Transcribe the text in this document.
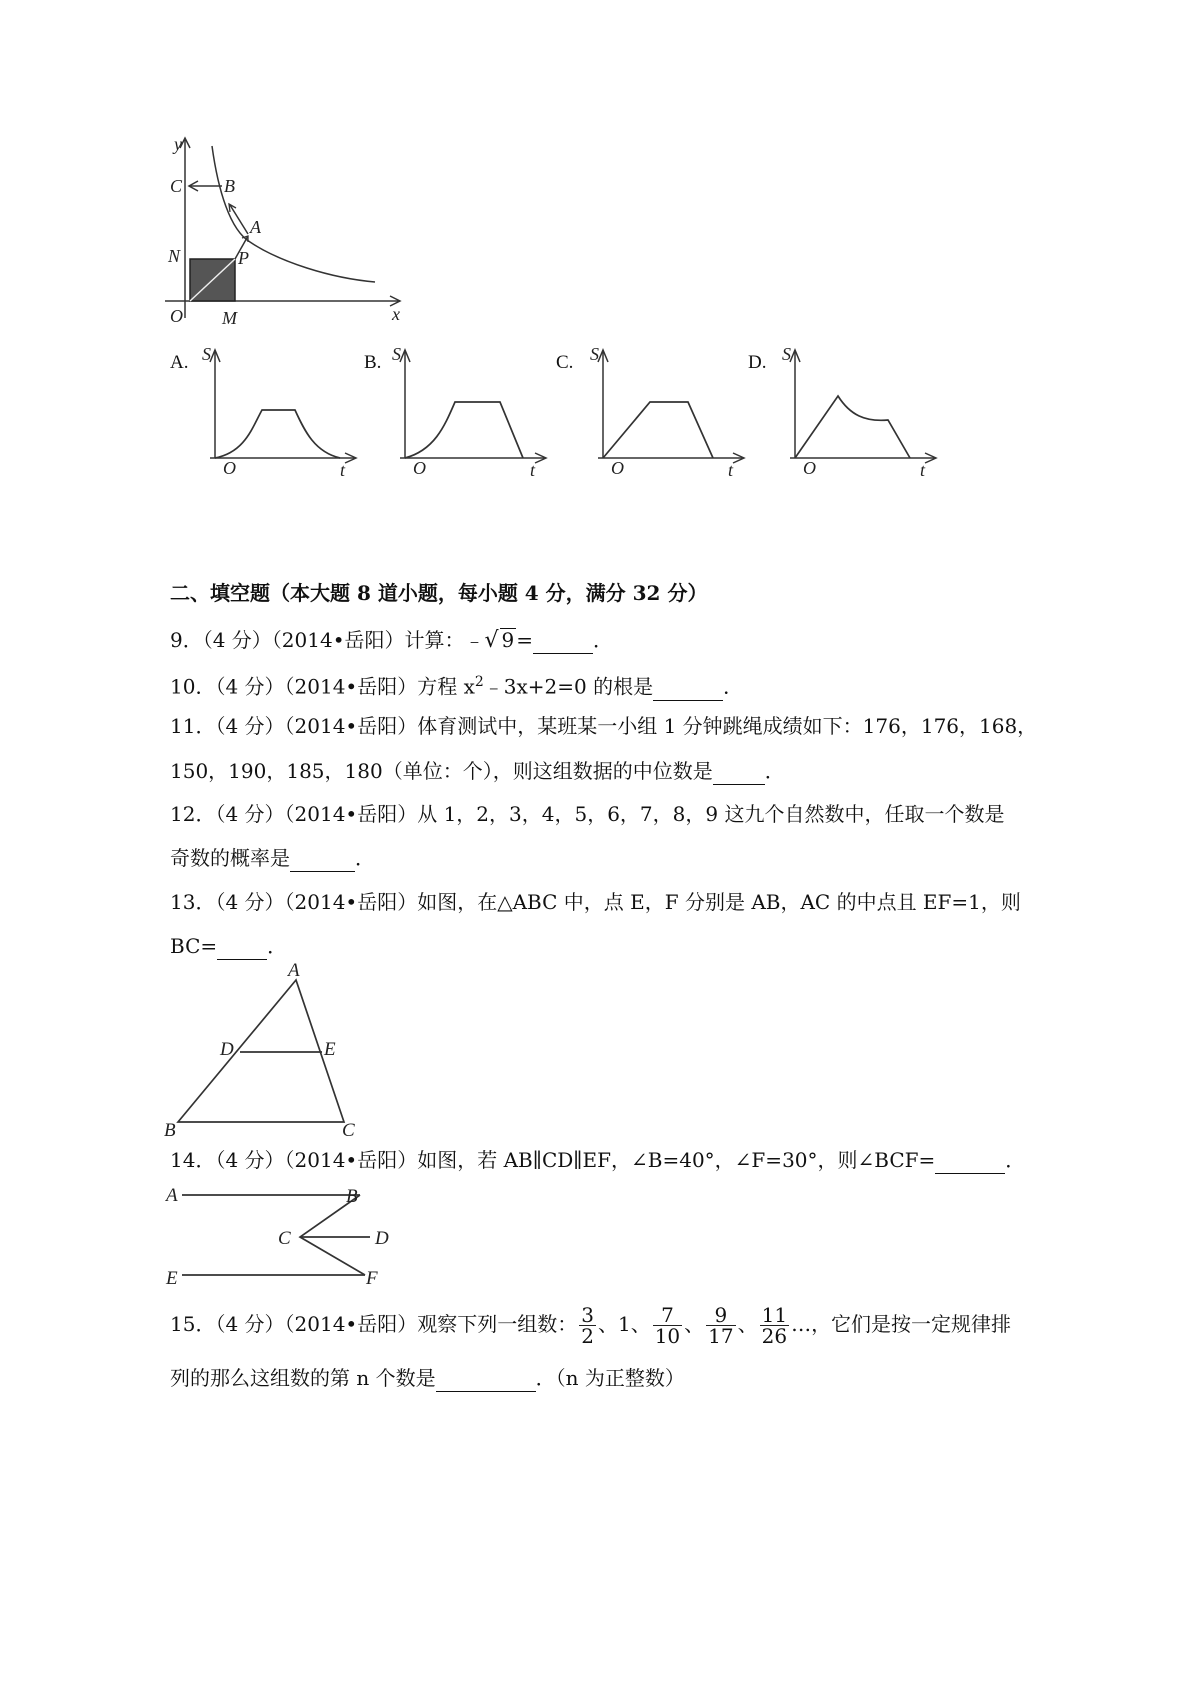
y
x
C B
A
N	P
O M
A. S
O	t
B. S
O	t
C. S
O	t
D. S
O	t
二、填空题（本大题 8 道小题，每小题 4 分，满分 32 分）
9．（4 分）（2014•岳阳）计算：﹣√ 9 =	．
10．（4 分）（2014•岳阳）方程 $x^2﹣3x+2=0$ 的根是	．
11．（4 分）（2014•岳阳）体育测试中，某班某一小组 1 分钟跳绳成绩如下：176，176，168，
150，190，185，180（单位：个），则这组数据的中位数是	．
12．（4 分）（2014•岳阳）从 1，2，3，4，5，6，7，8，9 这九个自然数中，任取一个数是
奇数的概率是	．
13．（4 分）（2014•岳阳）如图，在△ABC 中，点 E，F 分别是 AB，AC 的中点且 EF=1，则
BC=	．
A
D	E
B	C
14．（4 分）（2014•岳阳）如图，若 AB∥CD∥EF，∠B=40°，∠F=30°，则∠BCF=	．
A	B
C	D
E	F
15．（4 分）（2014•岳阳）观察下列一组数： $\frac{3}{2}$ 、1、 $\frac{7}{10}$ 、 $\frac{9}{17}$ 、 $\frac{11}{26}$ …，它们是按一定规律排
列的那么这组数的第 n 个数是	．（n 为正整数）
